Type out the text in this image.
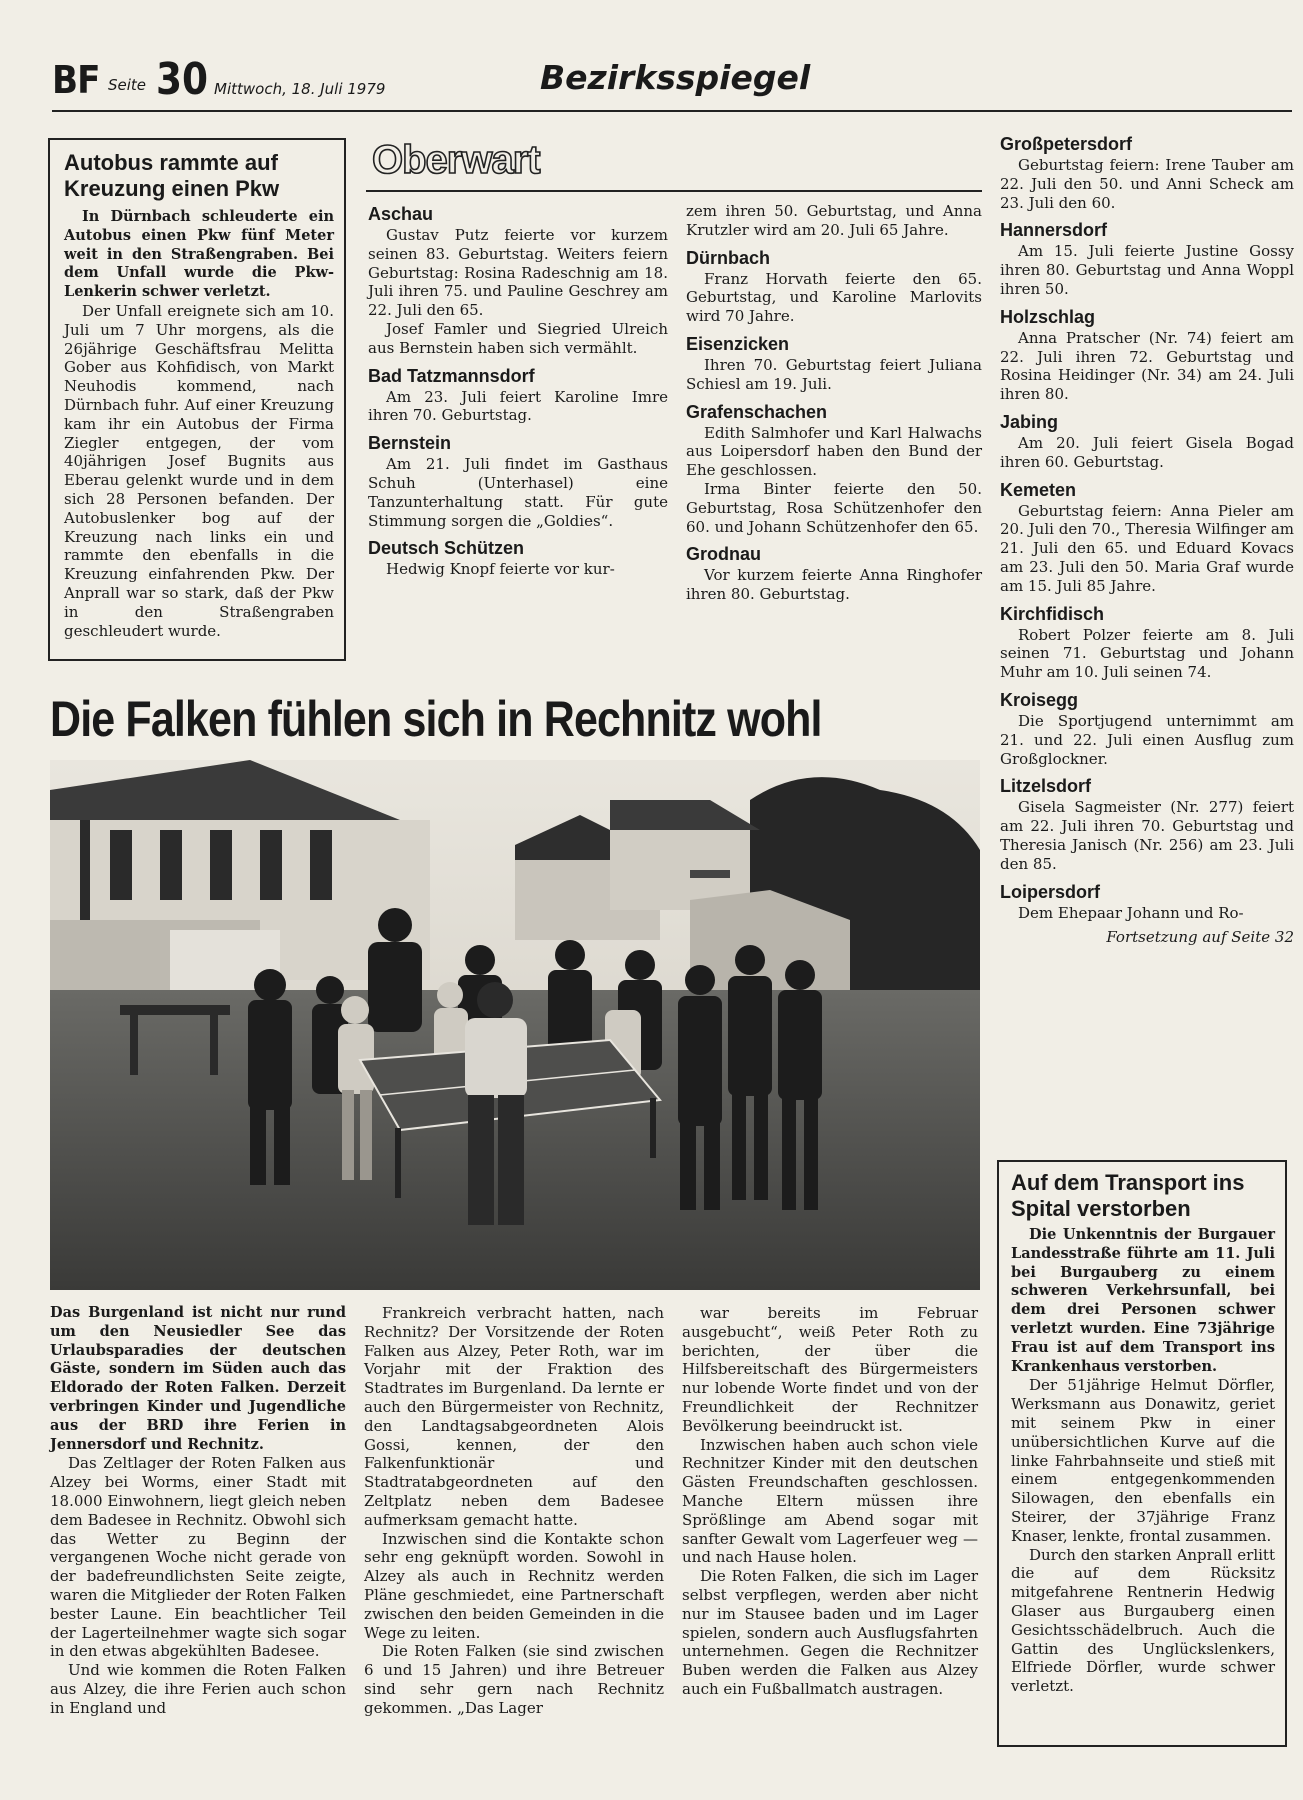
BF Seite 30 Mittwoch, 18. Juli 1979	Bezirksspiegel
Autobus rammte auf Kreuzung einen Pkw

In Dürnbach schleuderte ein Autobus einen Pkw fünf Meter weit in den Straßengraben. Bei dem Unfall wurde die Pkw-Lenkerin schwer verletzt.

Der Unfall ereignete sich am 10. Juli um 7 Uhr morgens, als die 26jährige Geschäftsfrau Melitta Gober aus Kohfidisch, von Markt Neuhodis kommend, nach Dürnbach fuhr. Auf einer Kreuzung kam ihr ein Autobus der Firma Ziegler entgegen, der vom 40jährigen Josef Bugnits aus Eberau gelenkt wurde und in dem sich 28 Personen befanden. Der Autobuslenker bog auf der Kreuzung nach links ein und rammte den ebenfalls in die Kreuzung einfahrenden Pkw. Der Anprall war so stark, daß der Pkw in den Straßengraben geschleudert wurde.

Oberwart
Aschau

Gustav Putz feierte vor kurzem seinen 83. Geburtstag. Weiters feiern Geburtstag: Rosina Radeschnig am 18. Juli ihren 75. und Pauline Geschrey am 22. Juli den 65.

Josef Famler und Siegried Ulreich aus Bernstein haben sich vermählt.

Bad Tatzmannsdorf

Am 23. Juli feiert Karoline Imre ihren 70. Geburtstag.

Bernstein

Am 21. Juli findet im Gasthaus Schuh (Unterhasel) eine Tanzunterhaltung statt. Für gute Stimmung sorgen die „Goldies“.

Deutsch Schützen

Hedwig Knopf feierte vor kur-

zem ihren 50. Geburtstag, und Anna Krutzler wird am 20. Juli 65 Jahre.

Dürnbach

Franz Horvath feierte den 65. Geburtstag, und Karoline Marlovits wird 70 Jahre.

Eisenzicken

Ihren 70. Geburtstag feiert Juliana Schiesl am 19. Juli.

Grafensc⁠h⁠achen

Edith Salmhofer und Karl Halwachs aus Loipersdorf haben den Bund der Ehe geschlossen.

Irma Binter feierte den 50. Geburtstag, Rosa Schützenhofer den 60. und Johann Schützenhofer den 65.

Grodnau

Vor kurzem feierte Anna Ringhofer ihren 80. Geburtstag.

Großpetersdorf

Geburtstag feiern: Irene Tauber am 22. Juli den 50. und Anni Scheck am 23. Juli den 60.

Hannersdorf

Am 15. Juli feierte Justine Gossy ihren 80. Geburtstag und Anna Woppl ihren 50.

Holzschlag

Anna Pratscher (Nr. 74) feiert am 22. Juli ihren 72. Geburtstag und Rosina Heidinger (Nr. 34) am 24. Juli ihren 80.

Jabing

Am 20. Juli feiert Gisela Bogad ihren 60. Geburtstag.

Kemeten

Geburtstag feiern: Anna Pieler am 20. Juli den 70., Theresia Wilfinger am 21. Juli den 65. und Eduard Kovacs am 23. Juli den 50. Maria Graf wurde am 15. Juli 85 Jahre.

Kirchfidisch

Robert Polzer feierte am 8. Juli seinen 71. Geburtstag und Johann Muhr am 10. Juli seinen 74.

Kroisegg

Die Sportjugend unternimmt am 21. und 22. Juli einen Ausflug zum Großglockner.

Litzelsdorf

Gisela Sagmeister (Nr. 277) feiert am 22. Juli ihren 70. Geburtstag und Theresia Janisch (Nr. 256) am 23. Juli den 85.

Loipersdorf

Dem Ehepaar Johann und Ro-

Fortsetzung auf Seite 32

Die Falken fühlen sich in Rechnitz wohl

Das Burgenland ist nicht nur rund um den Neusiedler See das Urlaubsparadies der deutschen Gäste, sondern im Süden auch das Eldorado der Roten Falken. Derzeit verbringen Kinder und Jugendliche aus der BRD ihre Ferien in Jennersdorf und Rechnitz.

Das Zeltlager der Roten Falken aus Alzey bei Worms, einer Stadt mit 18.000 Einwohnern, liegt gleich neben dem Badesee in Rechnitz. Obwohl sich das Wetter zu Beginn der vergangenen Woche nicht gerade von der badefreundlichsten Seite zeigte, waren die Mitglieder der Roten Falken bester Laune. Ein beachtlicher Teil der Lagerteilnehmer wagte sich sogar in den etwas abgekühlten Badesee.

Und wie kommen die Roten Falken aus Alzey, die ihre Ferien auch schon in England und

Frankreich verbracht hatten, nach Rechnitz? Der Vorsitzende der Roten Falken aus Alzey, Peter Roth, war im Vorjahr mit der Fraktion des Stadtrates im Burgenland. Da lernte er auch den Bürgermeister von Rechnitz, den Landtagsabgeordneten Alois Gossi, kennen, der den Falkenfunktionär und Stadtratabgeordneten auf den Zeltplatz neben dem Badesee aufmerksam gemacht hatte.

Inzwischen sind die Kontakte schon sehr eng geknüpft worden. Sowohl in Alzey als auch in Rechnitz werden Pläne geschmiedet, eine Partnerschaft zwischen den beiden Gemeinden in die Wege zu leiten.

Die Roten Falken (sie sind zwischen 6 und 15 Jahren) und ihre Betreuer sind sehr gern nach Rechnitz gekommen. „Das Lager

war bereits im Februar ausgebucht“, weiß Peter Roth zu berichten, der über die Hilfsbereitschaft des Bürgermeisters nur lobende Worte findet und von der Freundlichkeit der Rechnitzer Bevölkerung beeindruckt ist.

Inzwischen haben auch schon viele Rechnitzer Kinder mit den deutschen Gästen Freundschaften geschlossen. Manche Eltern müssen ihre Sprößlinge am Abend sogar mit sanfter Gewalt vom Lagerfeuer weg — und nach Hause holen.

Die Roten Falken, die sich im Lager selbst verpflegen, werden aber nicht nur im Stausee baden und im Lager spielen, sondern auch Ausflugsfahrten unternehmen. Gegen die Rechnitzer Buben werden die Falken aus Alzey auch ein Fußballmatch austragen.

Auf dem Transport ins Spital verstorben

Die Unkenntnis der Burgauer Landesstraße führte am 11. Juli bei Burgauberg zu einem schweren Verkehrsunfall, bei dem drei Personen schwer verletzt wurden. Eine 73jährige Frau ist auf dem Transport ins Krankenhaus verstorben.

Der 51jährige Helmut Dörfler, Werksmann aus Donawitz, geriet mit seinem Pkw in einer unübersichtlichen Kurve auf die linke Fahrbahnseite und stieß mit einem entgegenkommenden Silowagen, den ebenfalls ein Steirer, der 37jährige Franz Knaser, lenkte, frontal zusammen.

Durch den starken Anprall erlitt die auf dem Rücksitz mitgefahrene Rentnerin Hedwig Glaser aus Burgauberg einen Gesichtsschädelbruch. Auch die Gattin des Unglückslenkers, Elfriede Dörfler, wurde schwer verletzt.
